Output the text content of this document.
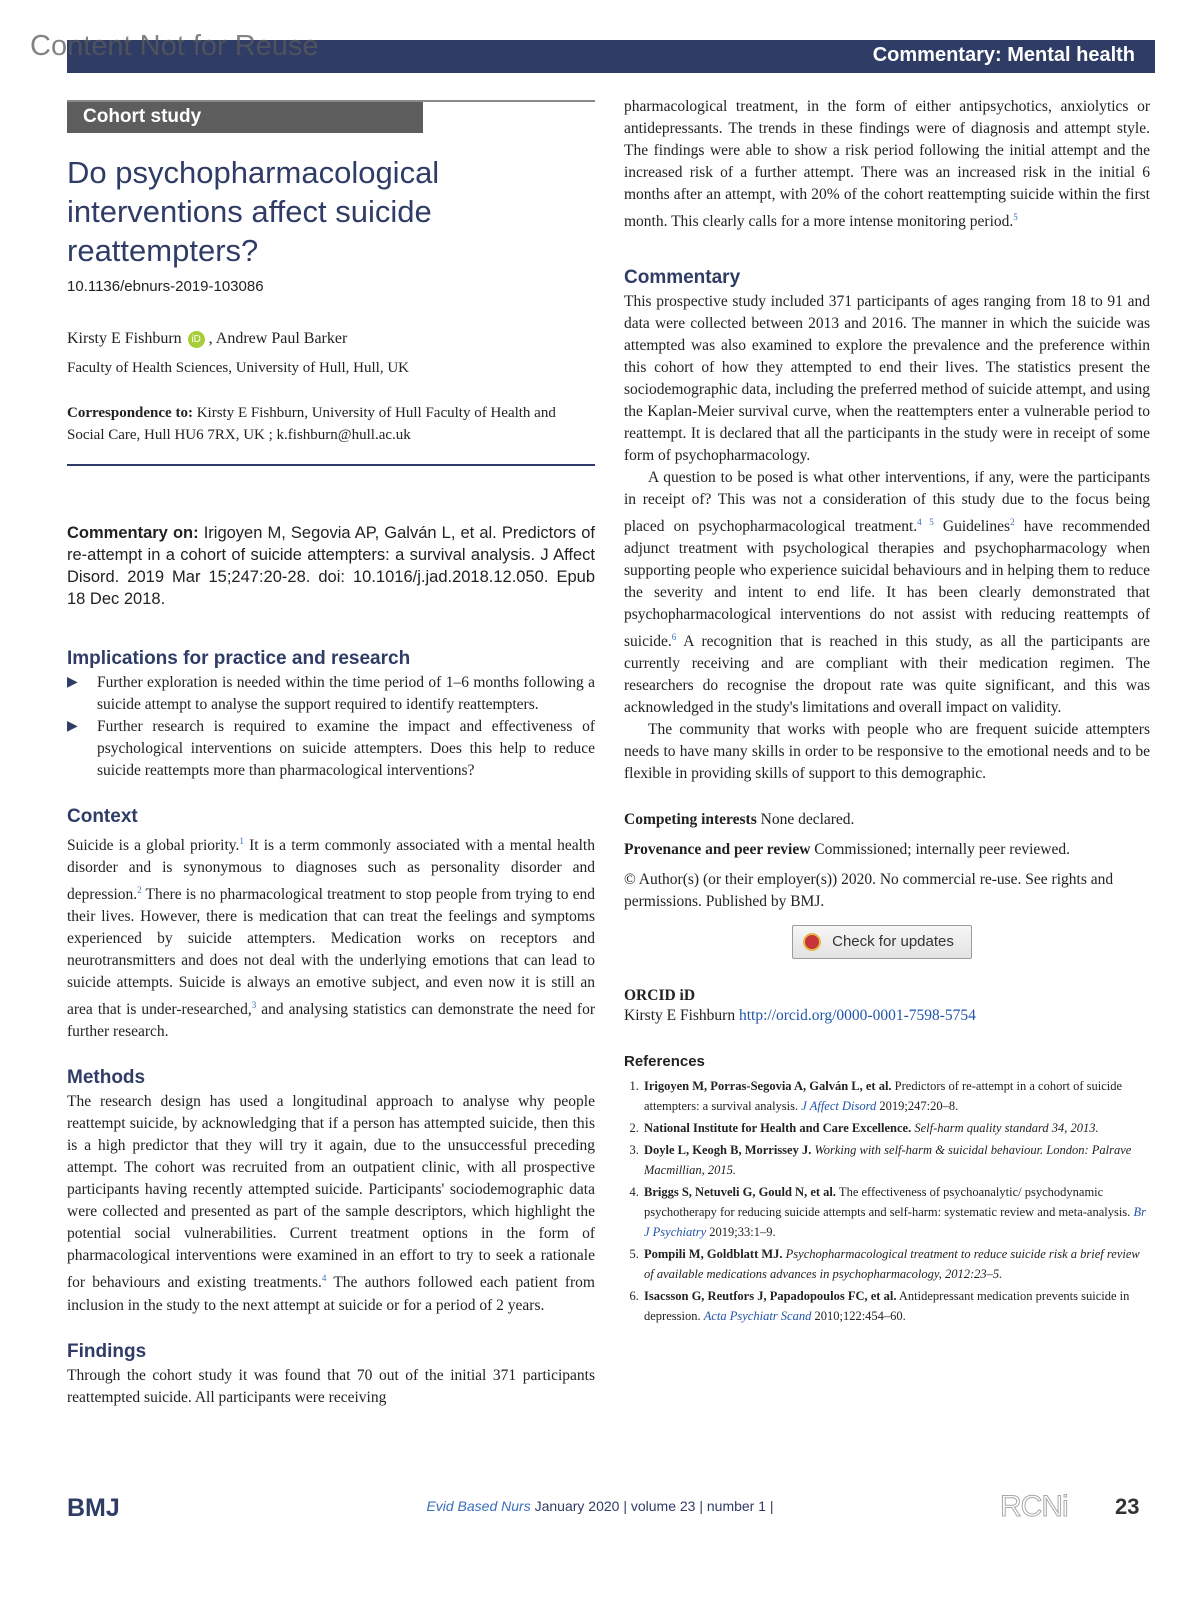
Content Not for Reuse	Commentary: Mental health
Cohort study
Do psychopharmacological interventions affect suicide reattempters?
10.1136/ebnurs-2019-103086
Kirsty E Fishburn iD , Andrew Paul Barker
Faculty of Health Sciences, University of Hull, Hull, UK
Correspondence to: Kirsty E Fishburn, University of Hull Faculty of Health and Social Care, Hull HU6 7RX, UK ; k.fishburn@hull.ac.uk
Commentary on: Irigoyen M, Segovia AP, Galván L, et al. Predictors of re-attempt in a cohort of suicide attempters: a survival analysis. J Affect Disord. 2019 Mar 15;247:20-28. doi: 10.1016/j.jad.2018.12.050. Epub 18 Dec 2018.
Implications for practice and research
▶ Further exploration is needed within the time period of 1–6 months following a suicide attempt to analyse the support required to identify reattempters.
▶ Further research is required to examine the impact and effectiveness of psychological interventions on suicide attempters. Does this help to reduce suicide reattempts more than pharmacological interventions?
Context

Suicide is a global priority.$^1$ It is a term commonly associated with a mental health disorder and is synonymous to diagnoses such as personality disorder and depression.$^2$ There is no pharmacological treatment to stop people from trying to end their lives. However, there is medication that can treat the feelings and symptoms experienced by suicide attempters. Medication works on receptors and neurotransmitters and does not deal with the underlying emotions that can lead to suicide attempts. Suicide is always an emotive subject, and even now it is still an area that is under-researched,$^3$ and analysing statistics can demonstrate the need for further research.

Methods

The research design has used a longitudinal approach to analyse why people reattempt suicide, by acknowledging that if a person has attempted suicide, then this is a high predictor that they will try it again, due to the unsuccessful preceding attempt. The cohort was recruited from an outpatient clinic, with all prospective participants having recently attempted suicide. Participants' sociodemographic data were collected and presented as part of the sample descriptors, which highlight the potential social vulnerabilities. Current treatment options in the form of pharmacological interventions were examined in an effort to try to seek a rationale for behaviours and existing treatments.$^4$ The authors followed each patient from inclusion in the study to the next attempt at suicide or for a period of 2 years.

Findings

Through the cohort study it was found that 70 out of the initial 371 participants reattempted suicide. All participants were receiving

pharmacological treatment, in the form of either antipsychotics, anxiolytics or antidepressants. The trends in these findings were of diagnosis and attempt style. The findings were able to show a risk period following the initial attempt and the increased risk of a further attempt. There was an increased risk in the initial 6 months after an attempt, with 20% of the cohort reattempting suicide within the first month. This clearly calls for a more intense monitoring period.$^5$

Commentary

This prospective study included 371 participants of ages ranging from 18 to 91 and data were collected between 2013 and 2016. The manner in which the suicide was attempted was also examined to explore the prevalence and the preference within this cohort of how they attempted to end their lives. The statistics present the sociodemographic data, including the preferred method of suicide attempt, and using the Kaplan-Meier survival curve, when the reattempters enter a vulnerable period to reattempt. It is declared that all the participants in the study were in receipt of some form of psychopharmacology.

A question to be posed is what other interventions, if any, were the participants in receipt of? This was not a consideration of this study due to the focus being placed on psychopharmacological treatment.$^{4 5}$ Guidelines$^2$ have recommended adjunct treatment with psychological therapies and psychopharmacology when supporting people who experience suicidal behaviours and in helping them to reduce the severity and intent to end life. It has been clearly demonstrated that psychopharmacological interventions do not assist with reducing reattempts of suicide.$^6$ A recognition that is reached in this study, as all the participants are currently receiving and are compliant with their medication regimen. The researchers do recognise the dropout rate was quite significant, and this was acknowledged in the study's limitations and overall impact on validity.

The community that works with people who are frequent suicide attempters needs to have many skills in order to be responsive to the emotional needs and to be flexible in providing skills of support to this demographic.

Competing interests None declared.
Provenance and peer review Commissioned; internally peer reviewed.
© Author(s) (or their employer(s)) 2020. No commercial re-use. See rights and permissions. Published by BMJ.
Check for updates
ORCID iD
Kirsty E Fishburn http://orcid.org/0000-0001-7598-5754
References
1. Irigoyen M, Porras-Segovia A, Galván L, et al. Predictors of re-attempt in a cohort of suicide attempters: a survival analysis. J Affect Disord 2019;247:20–8.
2. National Institute for Health and Care Excellence. Self-harm quality standard 34, 2013.
3. Doyle L, Keogh B, Morrissey J. Working with self-harm & suicidal behaviour. London: Palrave Macmillian, 2015.
4. Briggs S, Netuveli G, Gould N, et al. The effectiveness of psychoanalytic/ psychodynamic psychotherapy for reducing suicide attempts and self-harm: systematic review and meta-analysis. Br J Psychiatry 2019;33:1–9.
5. Pompili M, Goldblatt MJ. Psychopharmacological treatment to reduce suicide risk a brief review of available medications advances in psychopharmacology, 2012:23–5.
6. Isacsson G, Reutfors J, Papadopoulos FC, et al. Antidepressant medication prevents suicide in depression. Acta Psychiatr Scand 2010;122:454–60.
BMJ	Evid Based Nurs January 2020 | volume 23 | number 1 |	RCNi 23
